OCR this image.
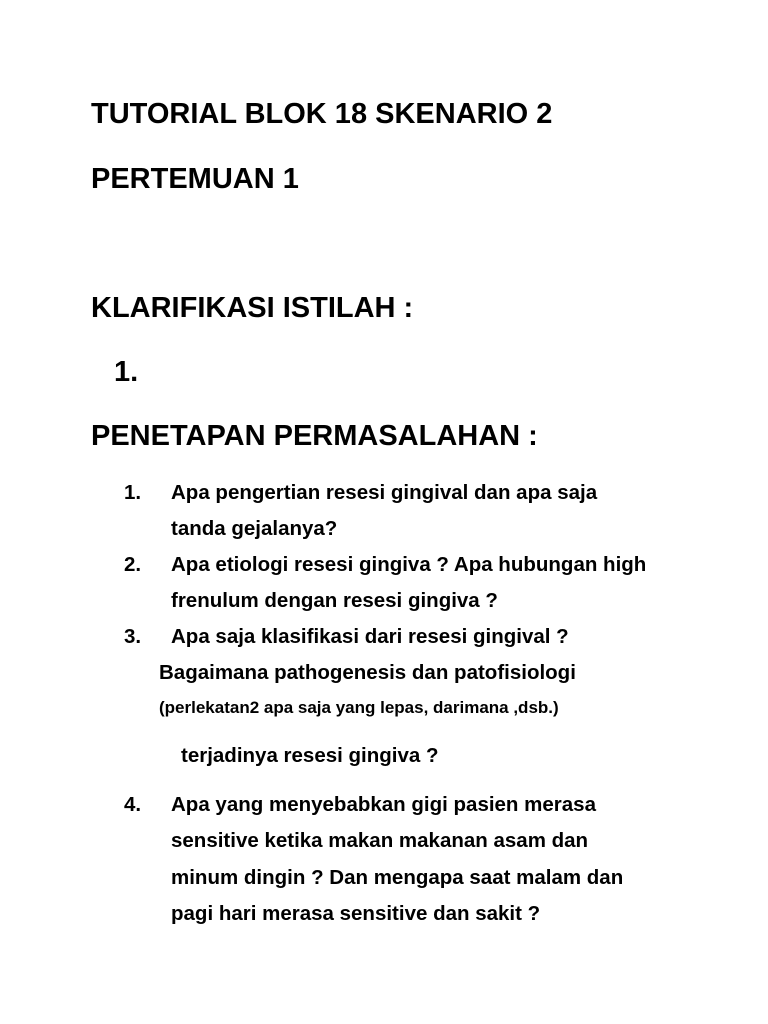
TUTORIAL BLOK 18 SKENARIO 2
PERTEMUAN 1
KLARIFIKASI ISTILAH :
1.
PENETAPAN PERMASALAHAN :
1. Apa pengertian resesi gingival dan apa saja
tanda gejalanya?
2. Apa etiologi resesi gingiva ? Apa hubungan high
frenulum dengan resesi gingiva ?
3. Apa saja klasifikasi dari resesi gingival ?
Bagaimana pathogenesis dan patofisiologi
(perlekatan2 apa saja yang lepas, darimana ,dsb.)
terjadinya resesi gingiva ?
4. Apa yang menyebabkan gigi pasien merasa
sensitive ketika makan makanan asam dan
minum dingin ? Dan mengapa saat malam dan
pagi hari merasa sensitive dan sakit ?
